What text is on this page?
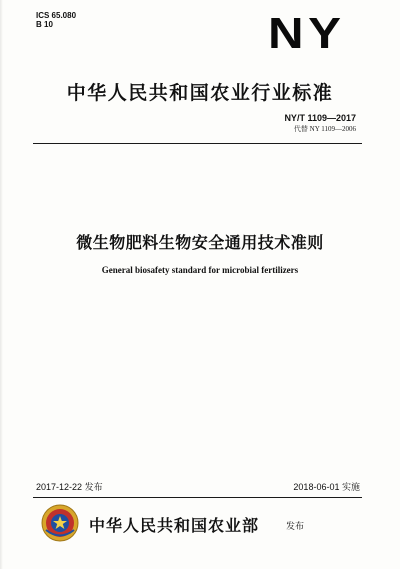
ICS 65.080
B 10	NY
中华人民共和国农业行业标准
NY/T 1109—2017
代替 NY 1109—2006
微生物肥料生物安全通用技术准则
General biosafety standard for microbial fertilizers
2017-12-22 发布	2018-06-01 实施
中华人民共和国农业部	发布
